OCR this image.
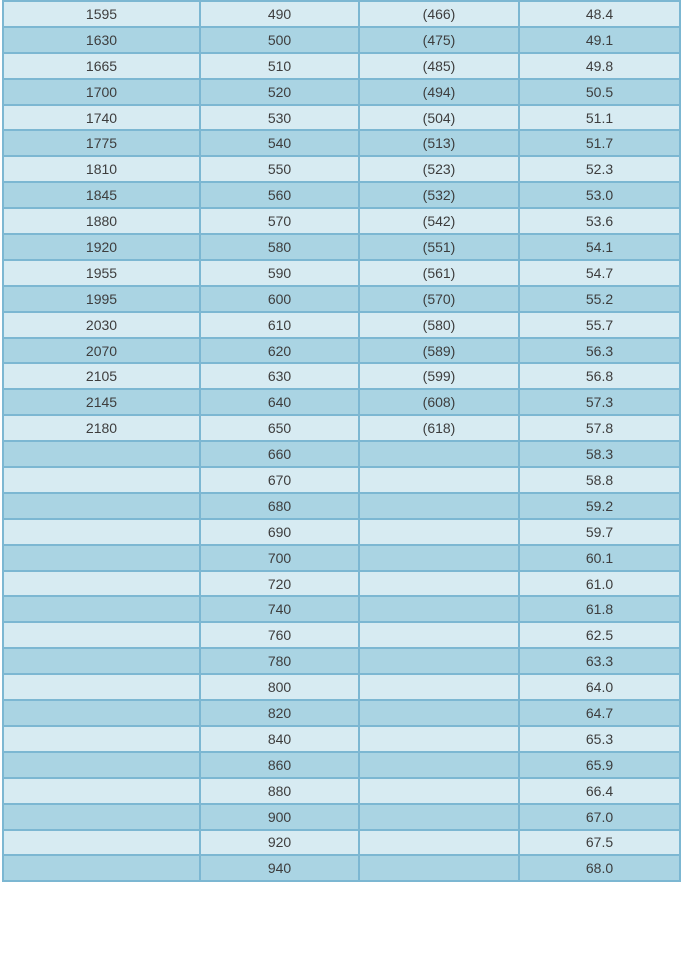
1595	490	(466)	48.4
1630	500	(475)	49.1
1665	510	(485)	49.8
1700	520	(494)	50.5
1740	530	(504)	51.1
1775	540	(513)	51.7
1810	550	(523)	52.3
1845	560	(532)	53.0
1880	570	(542)	53.6
1920	580	(551)	54.1
1955	590	(561)	54.7
1995	600	(570)	55.2
2030	610	(580)	55.7
2070	620	(589)	56.3
2105	630	(599)	56.8
2145	640	(608)	57.3
2180	650	(618)	57.8
	660		58.3
	670		58.8
	680		59.2
	690		59.7
	700		60.1
	720		61.0
	740		61.8
	760		62.5
	780		63.3
	800		64.0
	820		64.7
	840		65.3
	860		65.9
	880		66.4
	900		67.0
	920		67.5
	940		68.0
